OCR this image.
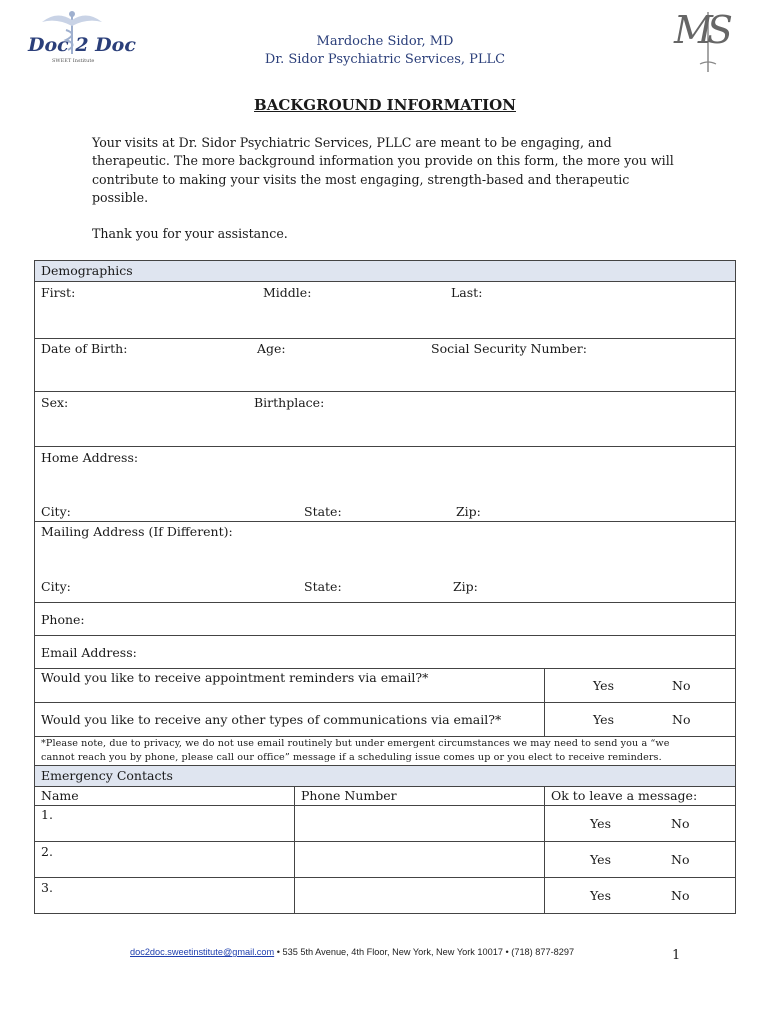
Doc 2 Doc
SWEET Institute
Mardoche Sidor, MD
Dr. Sidor Psychiatric Services, PLLC
MS
BACKGROUND INFORMATION
Your visits at Dr. Sidor Psychiatric Services, PLLC are meant to be engaging, and
therapeutic. The more background information you provide on this form, the more you will
contribute to making your visits the most engaging, strength-based and therapeutic
possible.
Thank you for your assistance.
Demographics		

First: Middle: Last:		

Date of Birth: Age: Social Security Number:		

Sex: Birthplace:		

Home Address:
City: State: Zip:		

Mailing Address (If Different):
City: State: Zip:		

Phone:		

Email Address:		

Would you like to receive appointment reminders via email?*		Yes No

Would you like to receive any other types of communications via email?*		Yes No

*Please note, due to privacy, we do not use email routinely but under emergent circumstances we may need to send you a “we
cannot reach you by phone, please call our office” message if a scheduling issue comes up or you elect to receive reminders.		

Emergency Contacts		
Name	Phone Number	Ok to leave a message:

1.		Yes No

2.		Yes No

3.		Yes No
doc2doc.sweetinstitute@gmail.com • 535 5th Avenue, 4th Floor, New York, New York 10017 • (718) 877-8297	1
